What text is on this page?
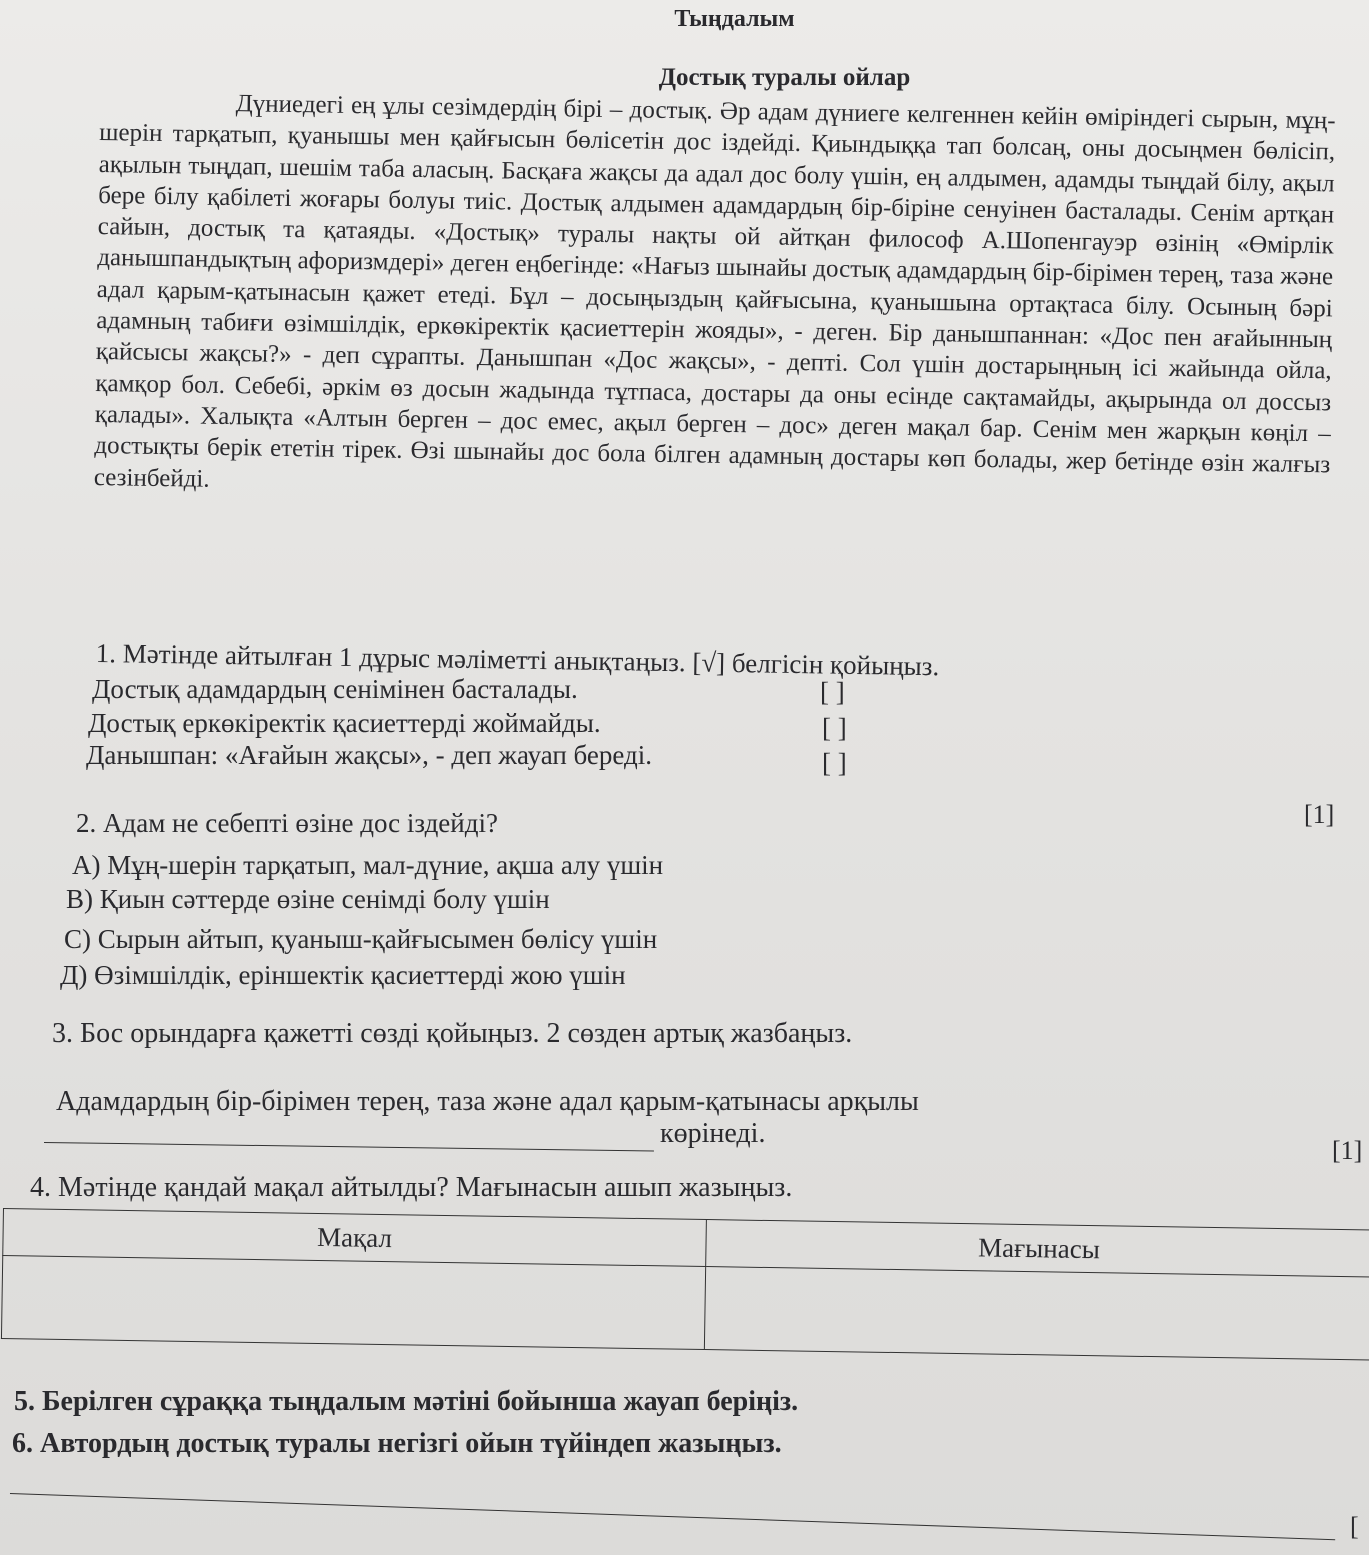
Тыңдалым
Достық туралы ойлар

Дүниедегі ең ұлы сезімдердің бірі – достық. Әр адам дүниеге келгеннен кейін өміріндегі сырын, мұң-шерін тарқатып, қуанышы мен қайғысын бөлісетін дос іздейді. Қиындыққа тап болсаң, оны досыңмен бөлісіп, ақылын тыңдап, шешім таба аласың. Басқаға жақсы да адал дос болу үшін, ең алдымен, адамды тыңдай білу, ақыл бере білу қабілеті жоғары болуы тиіс. Достық алдымен адамдардың бір-біріне сенуінен басталады. Сенім артқан сайын, достық та қатаяды. «Достық» туралы нақты ой айтқан философ А.Шопенгауэр өзінің «Өмірлік данышпандықтың афоризмдері» деген еңбегінде: «Нағыз шынайы достық адамдардың бір-бірімен терең, таза және адал қарым-қатынасын қажет етеді. Бұл – досыңыздың қайғысына, қуанышына ортақтаса білу. Осының бәрі адамның табиғи өзімшілдік, еркөкіректік қасиеттерін жояды», - деген. Бір данышпаннан: «Дос пен ағайынның қайсысы жақсы?» - деп сұрапты. Данышпан «Дос жақсы», - депті. Сол үшін достарыңның ісі жайында ойла, қамқор бол. Себебі, әркім өз досын жадында тұтпаса, достары да оны есінде сақтамайды, ақырында ол доссыз қалады». Халықта «Алтын берген – дос емес, ақыл берген – дос» деген мақал бар. Сенім мен жарқын көңіл – достықты берік ететін тірек. Өзі шынайы дос бола білген адамның достары көп болады, жер бетінде өзін жалғыз сезінбейді.

1. Мәтінде айтылған 1 дұрыс мәліметті анықтаңыз. [√] белгісін қойыңыз.
Достық адамдардың сенімінен басталады.	[ ]
Достық еркөкіректік қасиеттерді жоймайды.	[ ]
Данышпан: «Ағайын жақсы», - деп жауап береді.	[ ]
2. Адам не себепті өзіне дос іздейді?	[1]
А) Мұң-шерін тарқатып, мал-дүние, ақша алу үшін
В) Қиын сәттерде өзіне сенімді болу үшін
С) Сырын айтып, қуаныш-қайғысымен бөлісу үшін
Д) Өзімшілдік, еріншектік қасиеттерді жою үшін
3. Бос орындарға қажетті сөзді қойыңыз. 2 сөзден артық жазбаңыз.
Адамдардың бір-бірімен терең, таза және адал қарым-қатынасы арқылы
көрінеді.
[1]
4. Мәтінде қандай мақал айтылды? Мағынасын ашып жазыңыз.
Мақал	Мағынасы

5. Берілген сұраққа тыңдалым мәтіні бойынша жауап беріңіз.
6. Автордың достық туралы негізгі ойын түйіндеп жазыңыз.
[
